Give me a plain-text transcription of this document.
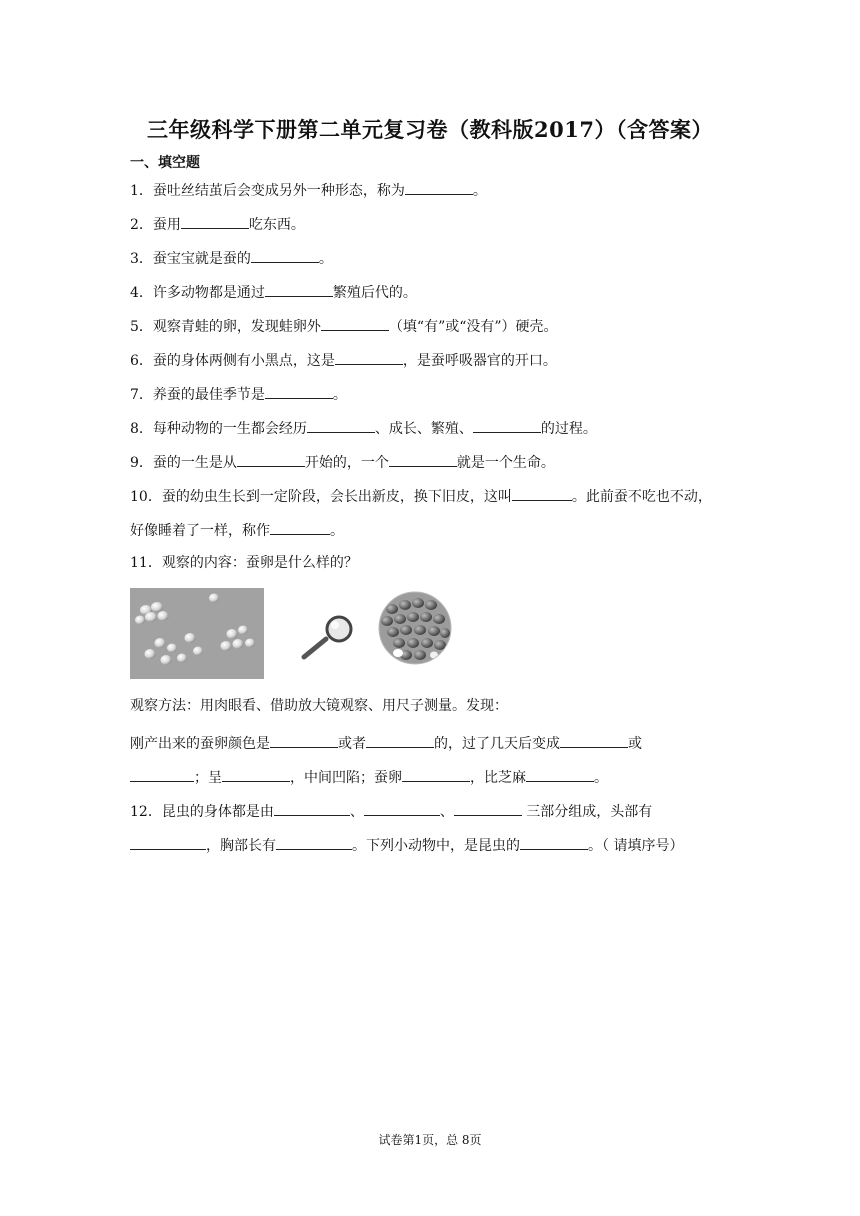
三年级科学下册第二单元复习卷（教科版2017）（含答案）
一、填空题
1．蚕吐丝结茧后会变成另外一种形态，称为	。
2．蚕用	吃东西。
3．蚕宝宝就是蚕的	。
4．许多动物都是通过	繁殖后代的。
5．观察青蛙的卵，发现蛙卵外	（填“有”或“没有”）硬壳。
6．蚕的身体两侧有小黑点，这是	，是蚕呼吸器官的开口。
7．养蚕的最佳季节是	。
8．每种动物的一生都会经历	、成长、繁殖、	的过程。
9．蚕的一生是从	开始的，一个	就是一个生命。
10．蚕的幼虫生长到一定阶段，会长出新皮，换下旧皮，这叫	。此前蚕不吃也不动，
好像睡着了一样，称作	。
11．观察的内容：蚕卵是什么样的？
观察方法：用肉眼看、借助放大镜观察、用尺子测量。发现：
刚产出来的蚕卵颜色是	或者	的，过了几天后变成	或
；呈	，中间凹陷；蚕卵	，比芝麻	。
12．昆虫的身体都是由	、	、	三部分组成，头部有
，胸部长有	。下列小动物中，是昆虫的	。（ 请填序号）
试卷第1页，总 8页
